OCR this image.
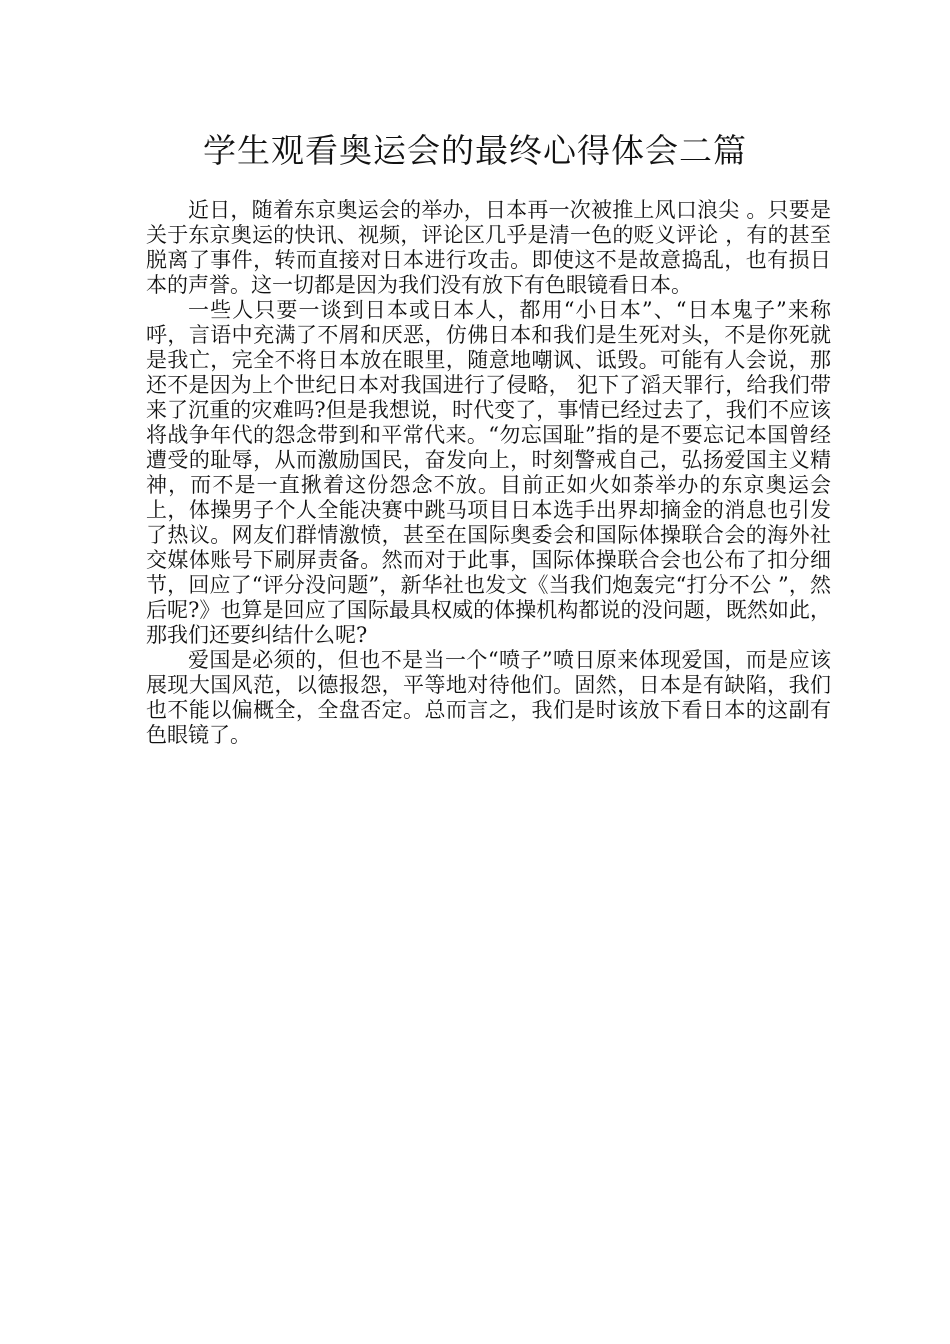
学生观看奥运会的最终心得体会二篇

近日，随着东京奥运会的举办，日本再一次被推上风口浪尖 。只要是关于东京奥运的快讯、视频，评论区几乎是清一色的贬义评论 ，有的甚至脱离了事件，转而直接对日本进行攻击。即使这不是故意捣乱，也有损日本的声誉。这一切都是因为我们没有放下有色眼镜看日本。

一些人只要一谈到日本或日本人，都用“小日本”、“日本鬼子”来称呼，言语中充满了不屑和厌恶，仿佛日本和我们是生死对头，不是你死就是我亡，完全不将日本放在眼里，随意地嘲讽、诋毁。可能有人会说，那还不是因为上个世纪日本对我国进行了侵略， 犯下了滔天罪行，给我们带来了沉重的灾难吗?但是我想说，时代变了，事情已经过去了，我们不应该将战争年代的怨念带到和平常代来。“勿忘国耻”指的是不要忘记本国曾经遭受的耻辱，从而激励国民，奋发向上，时刻警戒自己，弘扬爱国主义精神，而不是一直揪着这份怨念不放。目前正如火如荼举办的东京奥运会上，体操男子个人全能决赛中跳马项目日本选手出界却摘金的消息也引发了热议。网友们群情激愤，甚至在国际奥委会和国际体操联合会的海外社交媒体账号下刷屏责备。然而对于此事，国际体操联合会也公布了扣分细节，回应了“评分没问题”，新华社也发文《当我们炮轰完“打分不公 ”，然后呢?》也算是回应了国际最具权威的体操机构都说的没问题，既然如此，那我们还要纠结什么呢?

爱国是必须的，但也不是当一个“喷子”喷日原来体现爱国，而是应该展现大国风范，以德报怨，平等地对待他们。固然，日本是有缺陷，我们也不能以偏概全，全盘否定。总而言之，我们是时该放下看日本的这副有色眼镜了。
